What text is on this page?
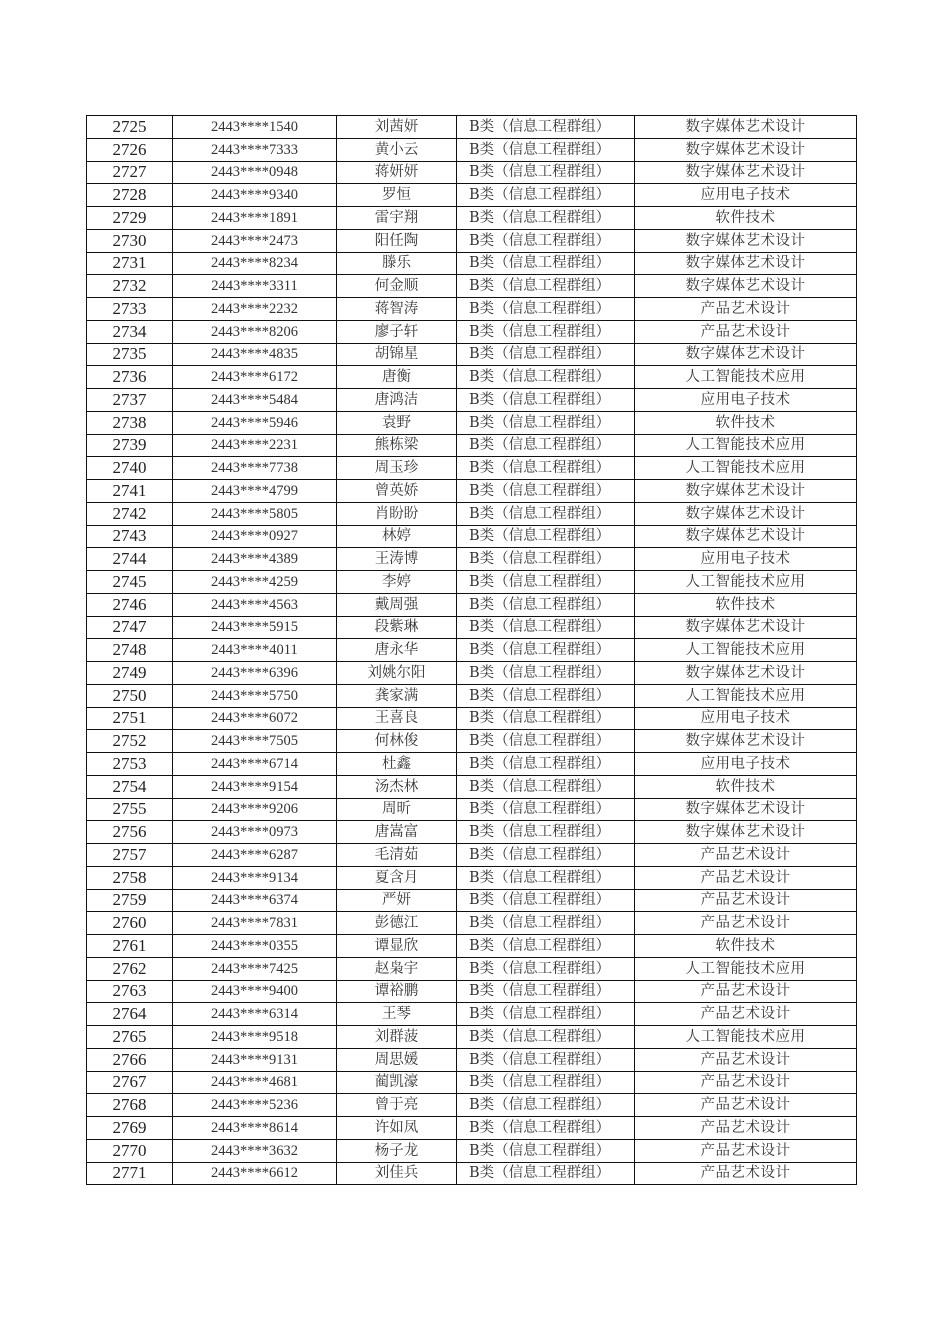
2725	2443****1540	刘茜妍	B类（信息工程群组）	数字媒体艺术设计
2726	2443****7333	黄小云	B类（信息工程群组）	数字媒体艺术设计
2727	2443****0948	蒋妍妍	B类（信息工程群组）	数字媒体艺术设计
2728	2443****9340	罗恒	B类（信息工程群组）	应用电子技术
2729	2443****1891	雷宇翔	B类（信息工程群组）	软件技术
2730	2443****2473	阳任陶	B类（信息工程群组）	数字媒体艺术设计
2731	2443****8234	滕乐	B类（信息工程群组）	数字媒体艺术设计
2732	2443****3311	何金顺	B类（信息工程群组）	数字媒体艺术设计
2733	2443****2232	蒋智涛	B类（信息工程群组）	产品艺术设计
2734	2443****8206	廖子轩	B类（信息工程群组）	产品艺术设计
2735	2443****4835	胡锦星	B类（信息工程群组）	数字媒体艺术设计
2736	2443****6172	唐衡	B类（信息工程群组）	人工智能技术应用
2737	2443****5484	唐鸿洁	B类（信息工程群组）	应用电子技术
2738	2443****5946	袁野	B类（信息工程群组）	软件技术
2739	2443****2231	熊栋梁	B类（信息工程群组）	人工智能技术应用
2740	2443****7738	周玉珍	B类（信息工程群组）	人工智能技术应用
2741	2443****4799	曾英娇	B类（信息工程群组）	数字媒体艺术设计
2742	2443****5805	肖盼盼	B类（信息工程群组）	数字媒体艺术设计
2743	2443****0927	林婷	B类（信息工程群组）	数字媒体艺术设计
2744	2443****4389	王涛博	B类（信息工程群组）	应用电子技术
2745	2443****4259	李婷	B类（信息工程群组）	人工智能技术应用
2746	2443****4563	戴周强	B类（信息工程群组）	软件技术
2747	2443****5915	段紫琳	B类（信息工程群组）	数字媒体艺术设计
2748	2443****4011	唐永华	B类（信息工程群组）	人工智能技术应用
2749	2443****6396	刘姚尔阳	B类（信息工程群组）	数字媒体艺术设计
2750	2443****5750	龚家满	B类（信息工程群组）	人工智能技术应用
2751	2443****6072	王喜良	B类（信息工程群组）	应用电子技术
2752	2443****7505	何林俊	B类（信息工程群组）	数字媒体艺术设计
2753	2443****6714	杜鑫	B类（信息工程群组）	应用电子技术
2754	2443****9154	汤杰林	B类（信息工程群组）	软件技术
2755	2443****9206	周昕	B类（信息工程群组）	数字媒体艺术设计
2756	2443****0973	唐嵩富	B类（信息工程群组）	数字媒体艺术设计
2757	2443****6287	毛清茹	B类（信息工程群组）	产品艺术设计
2758	2443****9134	夏含月	B类（信息工程群组）	产品艺术设计
2759	2443****6374	严妍	B类（信息工程群组）	产品艺术设计
2760	2443****7831	彭德江	B类（信息工程群组）	产品艺术设计
2761	2443****0355	谭显欣	B类（信息工程群组）	软件技术
2762	2443****7425	赵枭宇	B类（信息工程群组）	人工智能技术应用
2763	2443****9400	谭裕鹏	B类（信息工程群组）	产品艺术设计
2764	2443****6314	王琴	B类（信息工程群组）	产品艺术设计
2765	2443****9518	刘群菠	B类（信息工程群组）	人工智能技术应用
2766	2443****9131	周思媛	B类（信息工程群组）	产品艺术设计
2767	2443****4681	蔺凯濠	B类（信息工程群组）	产品艺术设计
2768	2443****5236	曾于亮	B类（信息工程群组）	产品艺术设计
2769	2443****8614	许如凤	B类（信息工程群组）	产品艺术设计
2770	2443****3632	杨子龙	B类（信息工程群组）	产品艺术设计
2771	2443****6612	刘佳兵	B类（信息工程群组）	产品艺术设计
